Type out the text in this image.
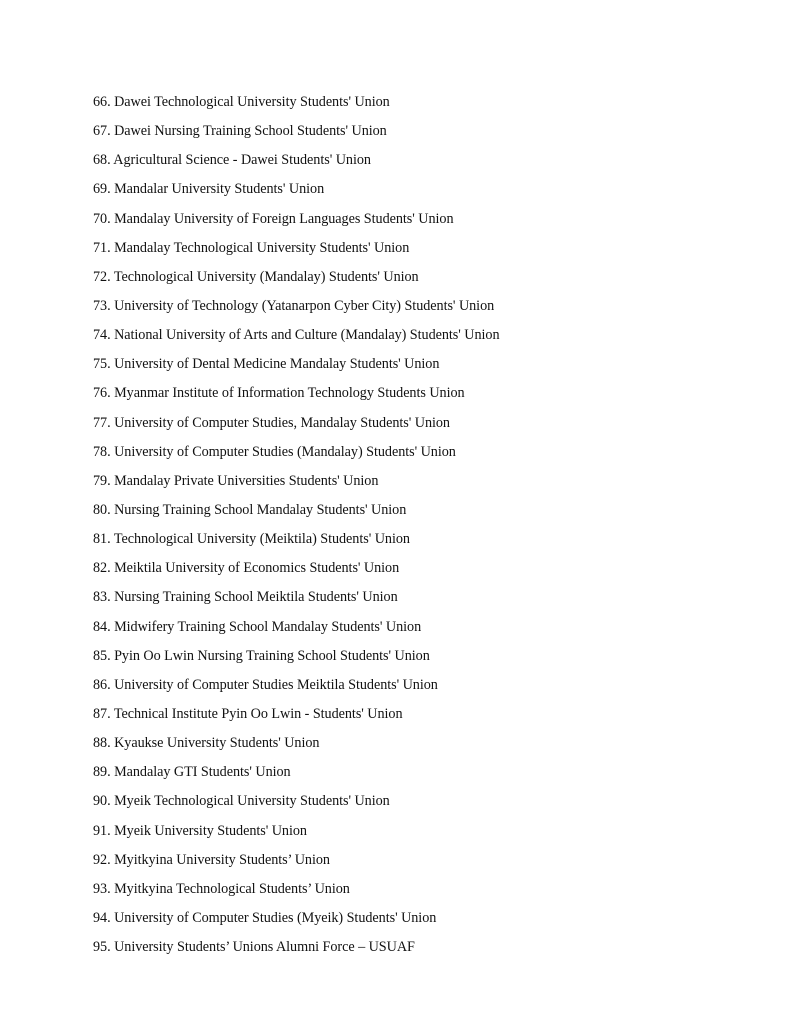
66. Dawei Technological University Students' Union
67. Dawei Nursing Training School Students' Union
68. Agricultural Science - Dawei Students' Union
69. Mandalar University Students' Union
70. Mandalay University of Foreign Languages Students' Union
71. Mandalay Technological University Students' Union
72. Technological University (Mandalay) Students' Union
73. University of Technology (Yatanarpon Cyber City) Students' Union
74. National University of Arts and Culture (Mandalay) Students' Union
75. University of Dental Medicine Mandalay Students' Union
76. Myanmar Institute of Information Technology Students Union
77. University of Computer Studies, Mandalay Students' Union
78. University of Computer Studies (Mandalay) Students' Union
79. Mandalay Private Universities Students' Union
80. Nursing Training School Mandalay Students' Union
81. Technological University (Meiktila) Students' Union
82. Meiktila University of Economics Students' Union
83. Nursing Training School Meiktila Students' Union
84. Midwifery Training School Mandalay Students' Union
85. Pyin Oo Lwin Nursing Training School Students' Union
86. University of Computer Studies Meiktila Students' Union
87. Technical Institute Pyin Oo Lwin - Students' Union
88. Kyaukse University Students' Union
89. Mandalay GTI Students' Union
90. Myeik Technological University Students' Union
91. Myeik University Students' Union
92. Myitkyina University Students’ Union
93. Myitkyina Technological Students’ Union
94. University of Computer Studies (Myeik) Students' Union
95. University Students’ Unions Alumni Force – USUAF
